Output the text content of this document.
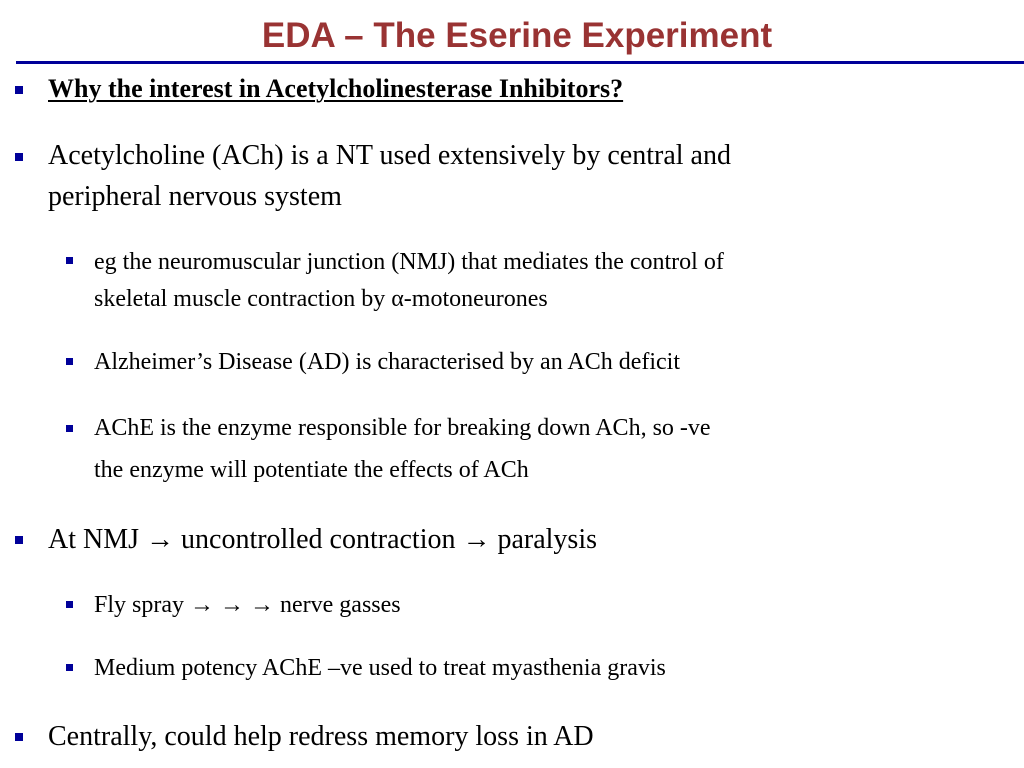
EDA – The Eserine Experiment
Why the interest in Acetylcholinesterase Inhibitors?
Acetylcholine (ACh) is a NT used extensively by central and
peripheral nervous system
eg the neuromuscular junction (NMJ) that mediates the control of
skeletal muscle contraction by α-motoneurones
Alzheimer’s Disease (AD) is characterised by an ACh deficit
AChE is the enzyme responsible for breaking down ACh, so -ve
the enzyme will potentiate the effects of ACh
At NMJ → uncontrolled contraction → paralysis
Fly spray → → → nerve gasses
Medium potency AChE –ve used to treat myasthenia gravis
Centrally, could help redress memory loss in AD
